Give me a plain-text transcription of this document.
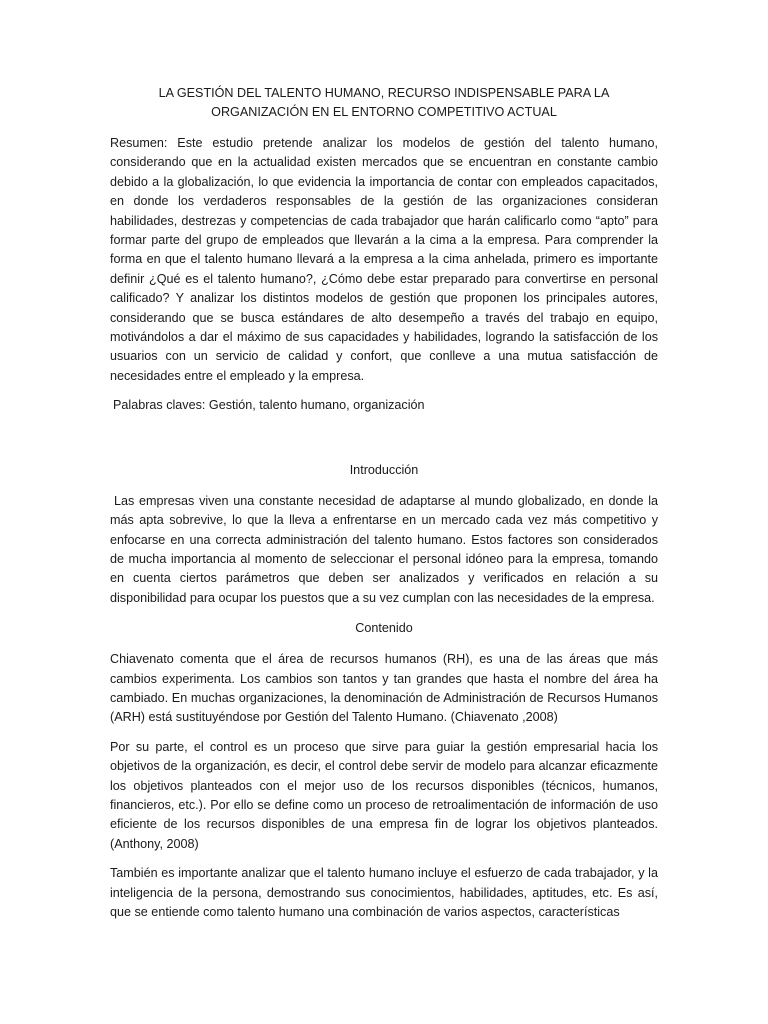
LA GESTIÓN DEL TALENTO HUMANO, RECURSO INDISPENSABLE PARA LA ORGANIZACIÓN EN EL ENTORNO COMPETITIVO ACTUAL

Resumen: Este estudio pretende analizar los modelos de gestión del talento humano, considerando que en la actualidad existen mercados que se encuentran en constante cambio debido a la globalización, lo que evidencia la importancia de contar con empleados capacitados, en donde los verdaderos responsables de la gestión de las organizaciones consideran habilidades, destrezas y competencias de cada trabajador que harán calificarlo como “apto” para formar parte del grupo de empleados que llevarán a la cima a la empresa. Para comprender la forma en que el talento humano llevará a la empresa a la cima anhelada, primero es importante definir ¿Qué es el talento humano?, ¿Cómo debe estar preparado para convertirse en personal calificado? Y analizar los distintos modelos de gestión que proponen los principales autores, considerando que se busca estándares de alto desempeño a través del trabajo en equipo, motivándolos a dar el máximo de sus capacidades y habilidades, logrando la satisfacción de los usuarios con un servicio de calidad y confort, que conlleve a una mutua satisfacción de necesidades entre el empleado y la empresa.

Palabras claves: Gestión, talento humano, organización

Introducción

Las empresas viven una constante necesidad de adaptarse al mundo globalizado, en donde la más apta sobrevive, lo que la lleva a enfrentarse en un mercado cada vez más competitivo y enfocarse en una correcta administración del talento humano. Estos factores son considerados de mucha importancia al momento de seleccionar el personal idóneo para la empresa, tomando en cuenta ciertos parámetros que deben ser analizados y verificados en relación a su disponibilidad para ocupar los puestos que a su vez cumplan con las necesidades de la empresa.

Contenido

Chiavenato comenta que el área de recursos humanos (RH), es una de las áreas que más cambios experimenta. Los cambios son tantos y tan grandes que hasta el nombre del área ha cambiado. En muchas organizaciones, la denominación de Administración de Recursos Humanos (ARH) está sustituyéndose por Gestión del Talento Humano. (Chiavenato ,2008)

Por su parte, el control es un proceso que sirve para guiar la gestión empresarial hacia los objetivos de la organización, es decir, el control debe servir de modelo para alcanzar eficazmente los objetivos planteados con el mejor uso de los recursos disponibles (técnicos, humanos, financieros, etc.). Por ello se define como un proceso de retroalimentación de información de uso eficiente de los recursos disponibles de una empresa fin de lograr los objetivos planteados. (Anthony, 2008)

También es importante analizar que el talento humano incluye el esfuerzo de cada trabajador, y la inteligencia de la persona, demostrando sus conocimientos, habilidades, aptitudes, etc. Es así, que se entiende como talento humano una combinación de varios aspectos, características
